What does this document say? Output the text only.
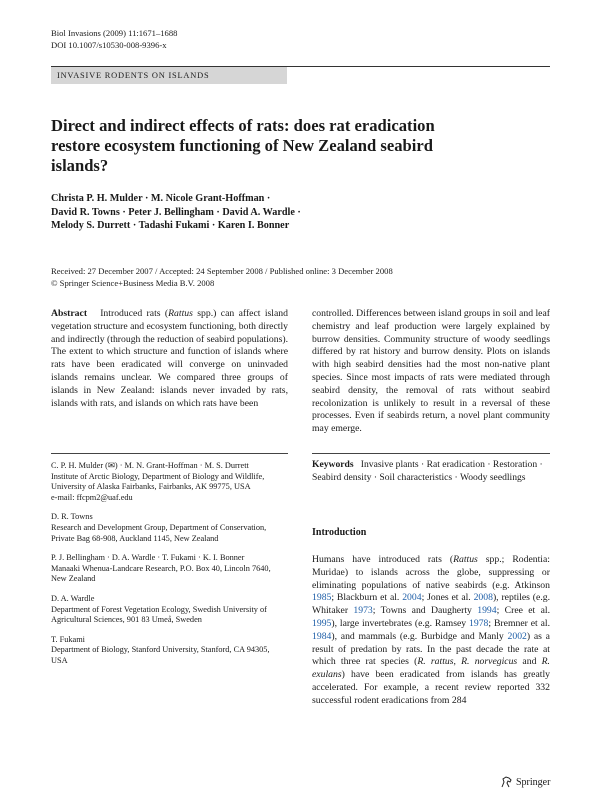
Biol Invasions (2009) 11:1671–1688
DOI 10.1007/s10530-008-9396-x
INVASIVE RODENTS ON ISLANDS
Direct and indirect effects of rats: does rat eradication
restore ecosystem functioning of New Zealand seabird
islands?
Christa P. H. Mulder · M. Nicole Grant-Hoffman ·
David R. Towns · Peter J. Bellingham · David A. Wardle ·
Melody S. Durrett · Tadashi Fukami · Karen I. Bonner
Received: 27 December 2007 / Accepted: 24 September 2008 / Published online: 3 December 2008
© Springer Science+Business Media B.V. 2008
Abstract Introduced rats (Rattus spp.) can affect island vegetation structure and ecosystem functioning, both directly and indirectly (through the reduction of seabird populations). The extent to which structure and function of islands where rats have been eradicated will converge on uninvaded islands remains unclear. We compared three groups of islands in New Zealand: islands never invaded by rats, islands with rats, and islands on which rats have been
controlled. Differences between island groups in soil and leaf chemistry and leaf production were largely explained by burrow densities. Community structure of woody seedlings differed by rat history and burrow density. Plots on islands with high seabird densities had the most non-native plant species. Since most impacts of rats were mediated through seabird density, the removal of rats without seabird recolonization is unlikely to result in a reversal of these processes. Even if seabirds return, a novel plant community may emerge.

C. P. H. Mulder (✉) · M. N. Grant-Hoffman · M. S. Durrett
Institute of Arctic Biology, Department of Biology and Wildlife, University of Alaska Fairbanks, Fairbanks, AK 99775, USA
e-mail: ffcpm2@uaf.edu

D. R. Towns
Research and Development Group, Department of Conservation, Private Bag 68-908, Auckland 1145, New Zealand

P. J. Bellingham · D. A. Wardle · T. Fukami · K. I. Bonner
Manaaki Whenua-Landcare Research, P.O. Box 40, Lincoln 7640, New Zealand

D. A. Wardle
Department of Forest Vegetation Ecology, Swedish University of Agricultural Sciences, 901 83 Umeå, Sweden

T. Fukami
Department of Biology, Stanford University, Stanford, CA 94305, USA

Keywords Invasive plants · Rat eradication · Restoration · Seabird density · Soil characteristics · Woody seedlings
Introduction
Humans have introduced rats (Rattus spp.; Rodentia: Muridae) to islands across the globe, suppressing or eliminating populations of native seabirds (e.g. Atkinson 1985; Blackburn et al. 2004; Jones et al. 2008), reptiles (e.g. Whitaker 1973; Towns and Daugherty 1994; Cree et al. 1995), large invertebrates (e.g. Ramsey 1978; Bremner et al. 1984), and mammals (e.g. Burbidge and Manly 2002) as a result of predation by rats. In the past decade the rate at which three rat species (R. rattus, R. norvegicus and R. exulans) have been eradicated from islands has greatly accelerated. For example, a recent review reported 332 successful rodent eradications from 284
Springer
